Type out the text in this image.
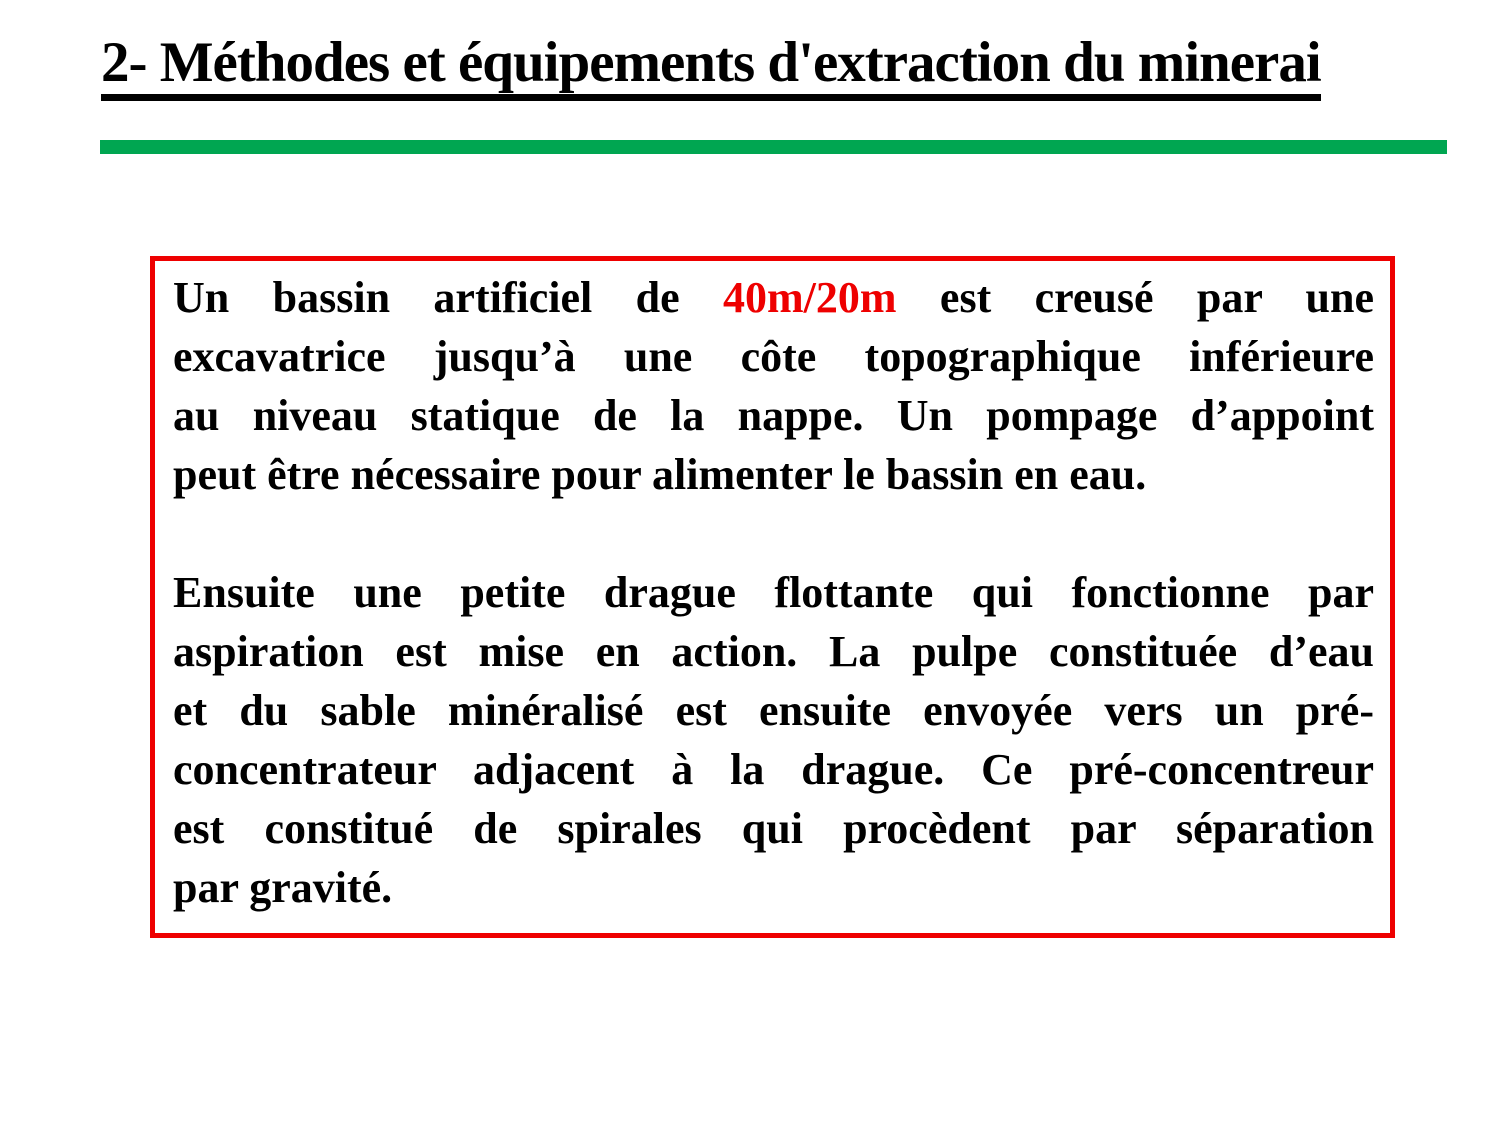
2- Méthodes et équipements d'extraction du minerai
Un bassin artificiel de 40m/20m est creusé par une
excavatrice jusqu’à une côte topographique inférieure
au niveau statique de la nappe. Un pompage d’appoint
peut être nécessaire pour alimenter le bassin en eau.
Ensuite une petite drague flottante qui fonctionne par
aspiration est mise en action. La pulpe constituée d’eau
et du sable minéralisé est ensuite envoyée vers un pré-
concentrateur adjacent à la drague. Ce pré-concentreur
est constitué de spirales qui procèdent par séparation
par gravité.
